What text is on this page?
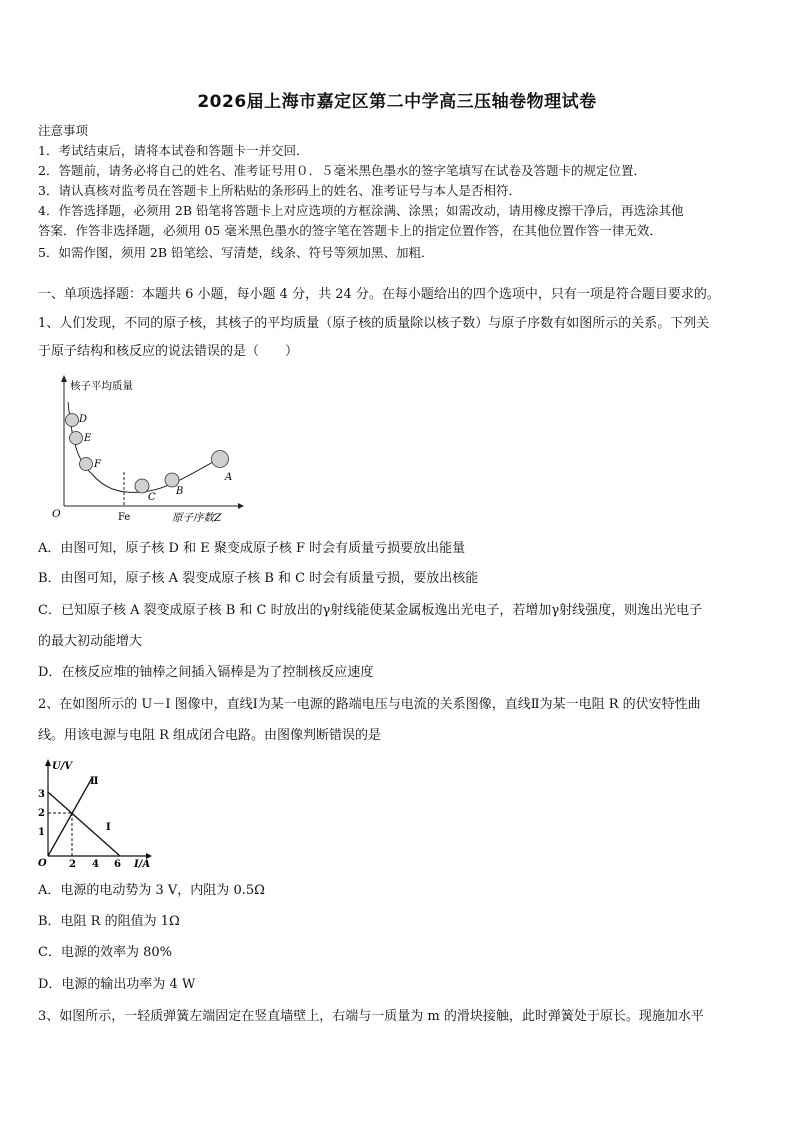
2026届上海市嘉定区第二中学高三压轴卷物理试卷
注意事项
1．考试结束后，请将本试卷和答题卡一并交回．
2．答题前，请务必将自己的姓名、准考证号用０．５毫米黑色墨水的签字笔填写在试卷及答题卡的规定位置．
3．请认真核对监考员在答题卡上所粘贴的条形码上的姓名、准考证号与本人是否相符．
4．作答选择题，必须用 2B 铅笔将答题卡上对应选项的方框涂满、涂黑；如需改动，请用橡皮擦干净后，再选涂其他
答案．作答非选择题，必须用 05 毫米黑色墨水的签字笔在答题卡上的指定位置作答，在其他位置作答一律无效．
5．如需作图，须用 2B 铅笔绘、写清楚，线条、符号等须加黑、加粗．
一、单项选择题：本题共 6 小题，每小题 4 分，共 24 分。在每小题给出的四个选项中，只有一项是符合题目要求的。
1、人们发现，不同的原子核，其核子的平均质量（原子核的质量除以核子数）与原子序数有如图所示的关系。下列关
于原子结构和核反应的说法错误的是（　　）
核子平均质量
原子序数Z
O	Fe
D
E
F
C
B
A
A．由图可知，原子核 D 和 E 聚变成原子核 F 时会有质量亏损要放出能量
B．由图可知，原子核 A 裂变成原子核 B 和 C 时会有质量亏损，要放出核能
C．已知原子核 A 裂变成原子核 B 和 C 时放出的γ射线能使某金属板逸出光电子，若增加γ射线强度，则逸出光电子
的最大初动能增大
D．在核反应堆的铀棒之间插入镉棒是为了控制核反应速度
2、在如图所示的 U－I 图像中，直线Ⅰ为某一电源的路端电压与电流的关系图像，直线Ⅱ为某一电阻 R 的伏安特性曲
线。用该电源与电阻 R 组成闭合电路。由图像判断错误的是
U/V
I/A
O
1
2
3
2 4 6
Ⅰ
Ⅱ
A．电源的电动势为 3 V，内阻为 0.5Ω
B．电阻 R 的阻值为 1Ω
C．电源的效率为 80%
D．电源的输出功率为 4 W
3、如图所示，一轻质弹簧左端固定在竖直墙壁上，右端与一质量为 m 的滑块接触，此时弹簧处于原长。现施加水平
